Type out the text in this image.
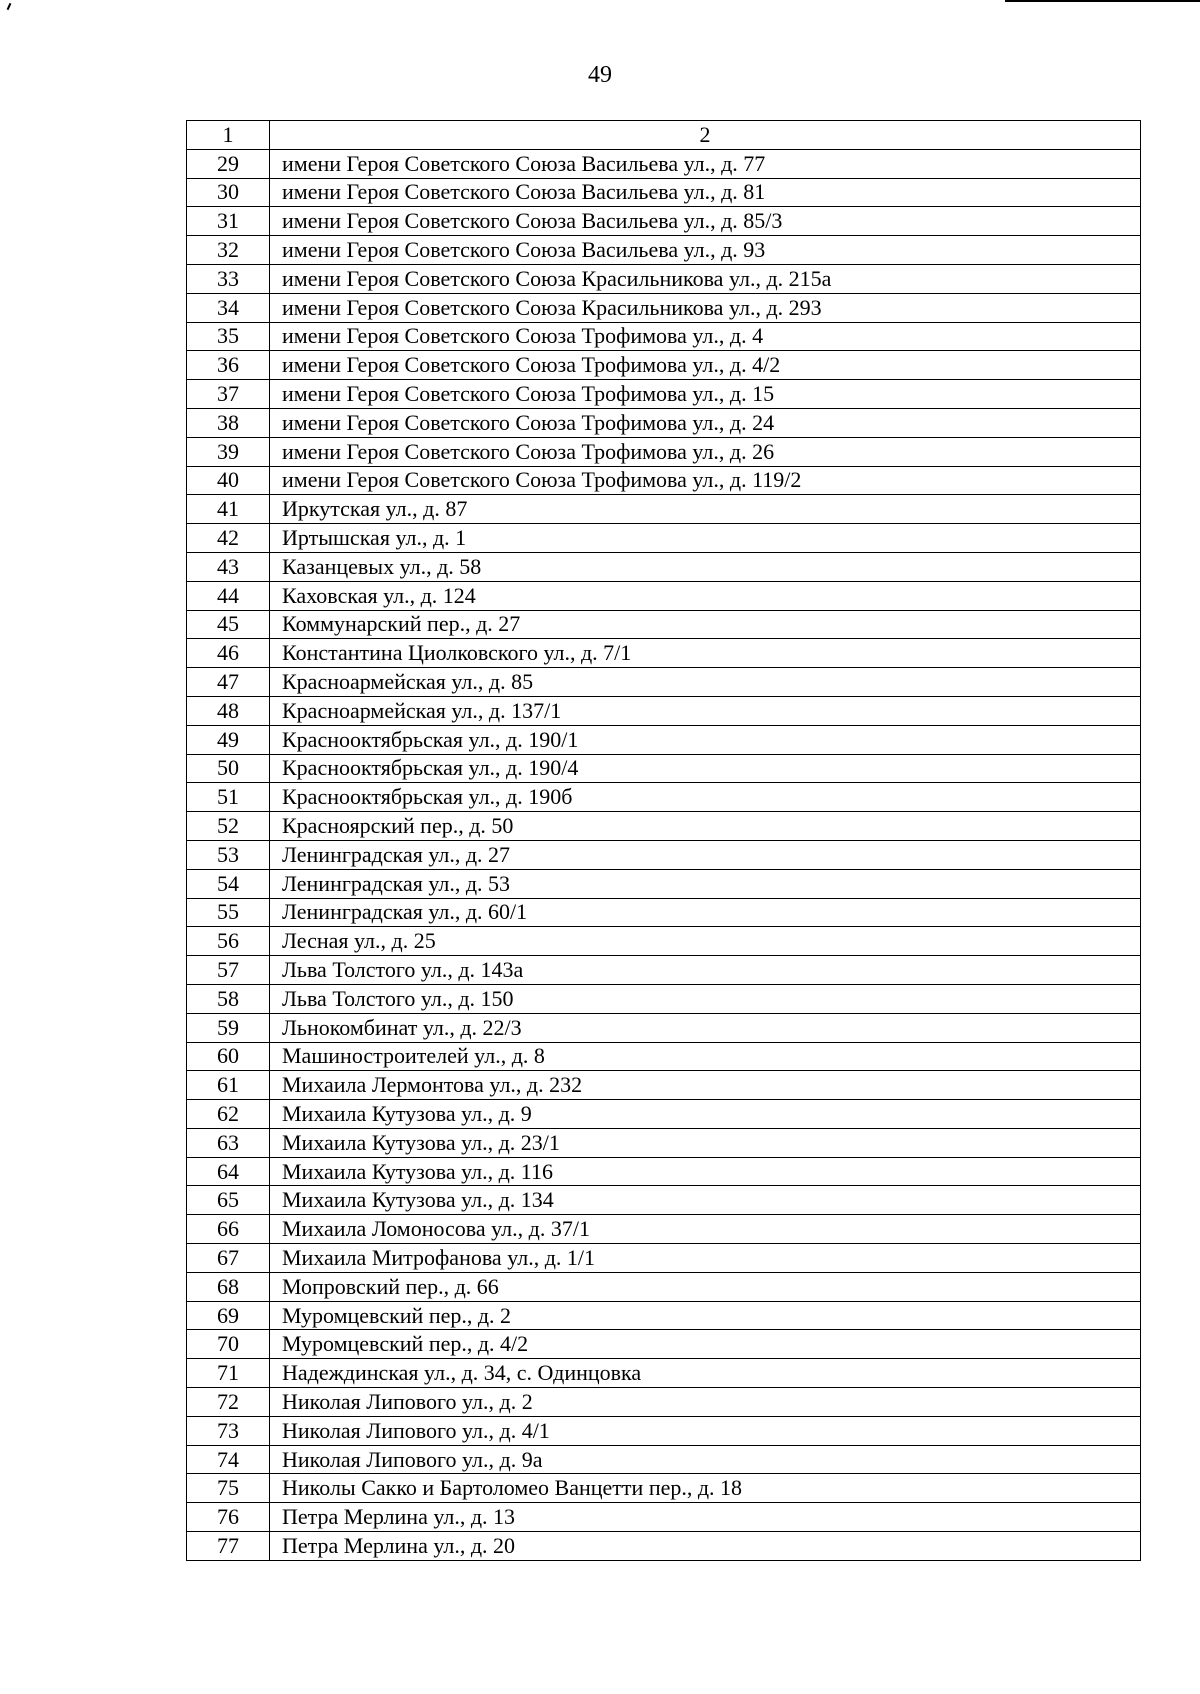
49
1	2
29	имени Героя Советского Союза Васильева ул., д. 77
30	имени Героя Советского Союза Васильева ул., д. 81
31	имени Героя Советского Союза Васильева ул., д. 85/3
32	имени Героя Советского Союза Васильева ул., д. 93
33	имени Героя Советского Союза Красильникова ул., д. 215а
34	имени Героя Советского Союза Красильникова ул., д. 293
35	имени Героя Советского Союза Трофимова ул., д. 4
36	имени Героя Советского Союза Трофимова ул., д. 4/2
37	имени Героя Советского Союза Трофимова ул., д. 15
38	имени Героя Советского Союза Трофимова ул., д. 24
39	имени Героя Советского Союза Трофимова ул., д. 26
40	имени Героя Советского Союза Трофимова ул., д. 119/2
41	Иркутская ул., д. 87
42	Иртышская ул., д. 1
43	Казанцевых ул., д. 58
44	Каховская ул., д. 124
45	Коммунарский пер., д. 27
46	Константина Циолковского ул., д. 7/1
47	Красноармейская ул., д. 85
48	Красноармейская ул., д. 137/1
49	Краснооктябрьская ул., д. 190/1
50	Краснооктябрьская ул., д. 190/4
51	Краснооктябрьская ул., д. 190б
52	Красноярский пер., д. 50
53	Ленинградская ул., д. 27
54	Ленинградская ул., д. 53
55	Ленинградская ул., д. 60/1
56	Лесная ул., д. 25
57	Льва Толстого ул., д. 143а
58	Льва Толстого ул., д. 150
59	Льнокомбинат ул., д. 22/3
60	Машиностроителей ул., д. 8
61	Михаила Лермонтова ул., д. 232
62	Михаила Кутузова ул., д. 9
63	Михаила Кутузова ул., д. 23/1
64	Михаила Кутузова ул., д. 116
65	Михаила Кутузова ул., д. 134
66	Михаила Ломоносова ул., д. 37/1
67	Михаила Митрофанова ул., д. 1/1
68	Мопровский пер., д. 66
69	Муромцевский пер., д. 2
70	Муромцевский пер., д. 4/2
71	Надеждинская ул., д. 34, с. Одинцовка
72	Николая Липового ул., д. 2
73	Николая Липового ул., д. 4/1
74	Николая Липового ул., д. 9а
75	Николы Сакко и Бартоломео Ванцетти пер., д. 18
76	Петра Мерлина ул., д. 13
77	Петра Мерлина ул., д. 20
